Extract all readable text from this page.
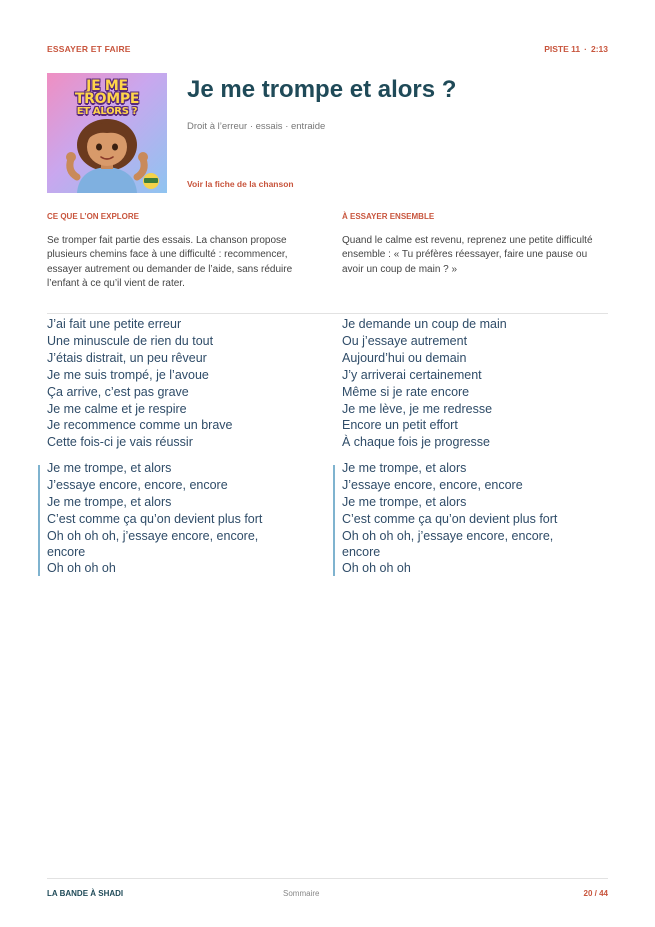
ESSAYER ET FAIRE	PISTE 11 · 2:13
JE ME
TROMPE
ET ALORS ?
Je me trompe et alors ?
Droit à l’erreur · essais · entraide
Voir la fiche de la chanson
CE QUE L’ON EXPLORE
Se tromper fait partie des essais. La chanson propose plusieurs chemins face à une difficulté : recommencer, essayer autrement ou demander de l’aide, sans réduire l’enfant à ce qu’il vient de rater.
À ESSAYER ENSEMBLE
Quand le calme est revenu, reprenez une petite difficulté ensemble : « Tu préfères réessayer, faire une pause ou avoir un coup de main ? »
J’ai fait une petite erreur
Une minuscule de rien du tout
J’étais distrait, un peu rêveur
Je me suis trompé, je l’avoue
Ça arrive, c’est pas grave
Je me calme et je respire
Je recommence comme un brave
Cette fois-ci je vais réussir
Je demande un coup de main
Ou j’essaye autrement
Aujourd’hui ou demain
J’y arriverai certainement
Même si je rate encore
Je me lève, je me redresse
Encore un petit effort
À chaque fois je progresse
Je me trompe, et alors
J’essaye encore, encore, encore
Je me trompe, et alors
C’est comme ça qu’on devient plus fort
Oh oh oh oh, j’essaye encore, encore,
encore
Oh oh oh oh
Je me trompe, et alors
J’essaye encore, encore, encore
Je me trompe, et alors
C’est comme ça qu’on devient plus fort
Oh oh oh oh, j’essaye encore, encore,
encore
Oh oh oh oh
LA BANDE À SHADI	Sommaire	20 / 44
